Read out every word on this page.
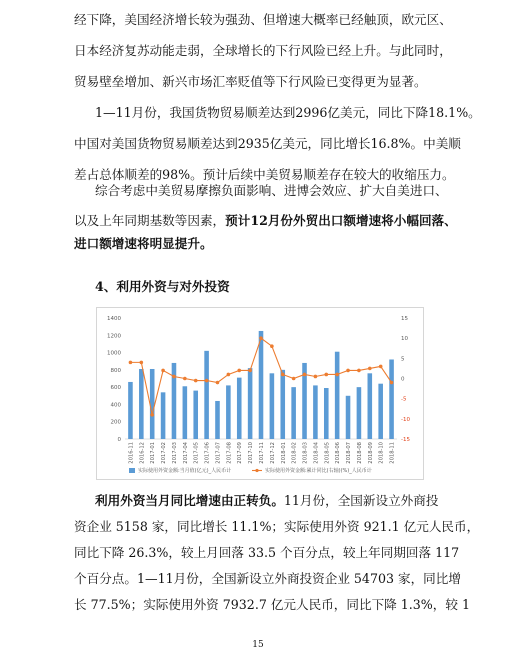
经下降，美国经济增长较为强劲、但增速大概率已经触顶，欧元区、
日本经济复苏动能走弱，全球增长的下行风险已经上升。与此同时，
贸易壁垒增加、新兴市场汇率贬值等下行风险已变得更为显著。
1—11月份，我国货物贸易顺差达到2996亿美元，同比下降18.1%。
中国对美国货物贸易顺差达到2935亿美元，同比增长16.8%。中美顺
差占总体顺差的98%。预计后续中美贸易顺差存在较大的收缩压力。
综合考虑中美贸易摩擦负面影响、进博会效应、扩大自美进口、
以及上年同期基数等因素，预计12月份外贸出口额增速将小幅回落、
进口额增速将明显提升。
4、利用外资与对外投资
0
200
400
600
800
1000
1200
1400
-15
-10
-5
0
5
10
15
2016-11 2016-12 2017-01 2017-02 2017-03 2017-04 2017-05 2017-06 2017-07 2017-08 2017-09 2017-10 2017-11 2017-12 2018-01 2018-02 2018-03 2018-04 2018-05 2018-06 2018-07 2018-08 2018-09 2018-10 2018-11
实际使用外资金额:当月值(亿元)_人民币计	实际使用外资金额:累计同比(右轴)(%)_人民币计
利用外资当月同比增速由正转负。11月份，全国新设立外商投
资企业 5158 家，同比增长 11.1%；实际使用外资 921.1 亿元人民币，
同比下降 26.3%，较上月回落 33.5 个百分点，较上年同期回落 117
个百分点。1—11月份，全国新设立外商投资企业 54703 家，同比增
长 77.5%；实际使用外资 7932.7 亿元人民币，同比下降 1.3%，较 1
15
